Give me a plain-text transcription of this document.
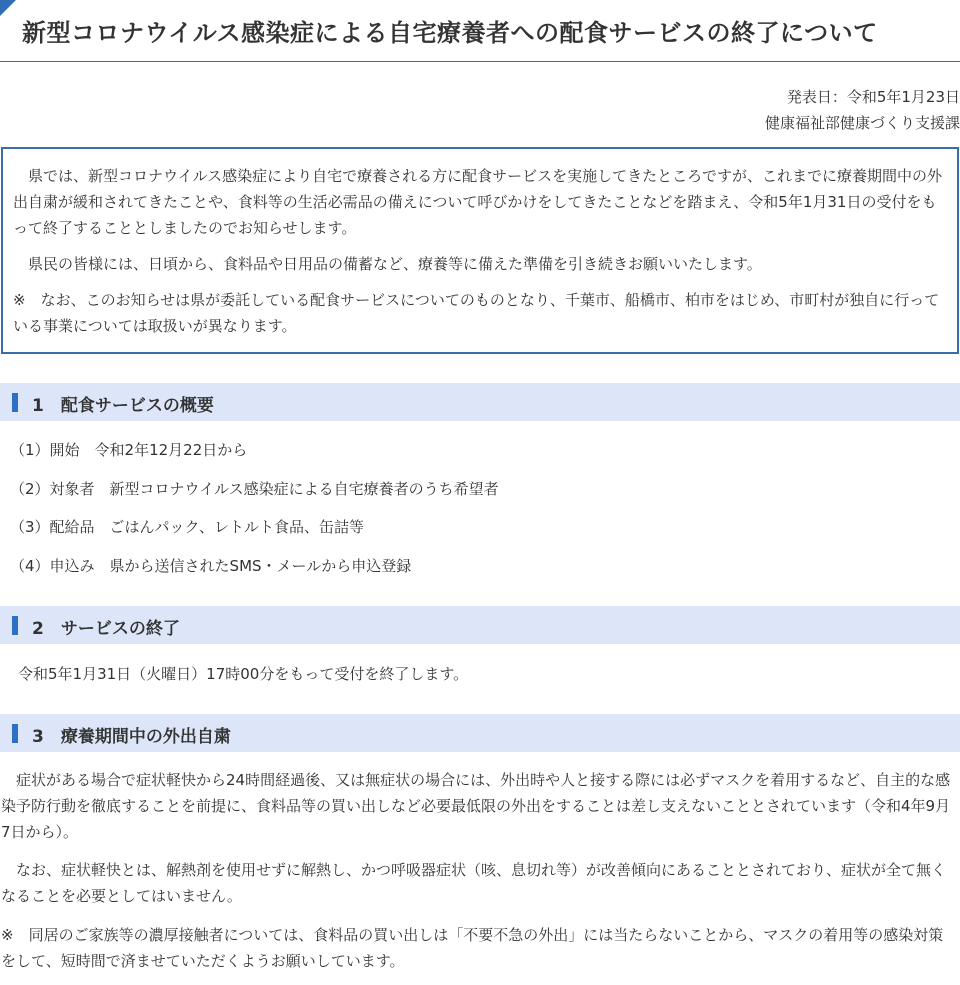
新型コロナウイルス感染症による自宅療養者への配食サービスの終了について
発表日：令和5年1月23日
健康福祉部健康づくり支援課

　県では、新型コロナウイルス感染症により自宅で療養される方に配食サービスを実施してきたところですが、これまでに療養期間中の外出自粛が緩和されてきたことや、食料等の生活必需品の備えについて呼びかけをしてきたことなどを踏まえ、令和5年1月31日の受付をもって終了することとしましたのでお知らせします。

　県民の皆様には、日頃から、食料品や日用品の備蓄など、療養等に備えた準備を引き続きお願いいたします。

※　なお、このお知らせは県が委託している配食サービスについてのものとなり、千葉市、船橋市、柏市をはじめ、市町村が独自に行っている事業については取扱いが異なります。

1　配食サービスの概要
（1）開始　令和2年12月22日から
（2）対象者　新型コロナウイルス感染症による自宅療養者のうち希望者
（3）配給品　ごはんパック、レトルト食品、缶詰等
（4）申込み　県から送信されたSMS・メールから申込登録
2　サービスの終了
令和5年1月31日（火曜日）17時00分をもって受付を終了します。
3　療養期間中の外出自粛

　症状がある場合で症状軽快から24時間経過後、又は無症状の場合には、外出時や人と接する際には必ずマスクを着用するなど、自主的な感染予防行動を徹底することを前提に、食料品等の買い出しなど必要最低限の外出をすることは差し支えないこととされています（令和4年9月7日から）。

　なお、症状軽快とは、解熱剤を使用せずに解熱し、かつ呼吸器症状（咳、息切れ等）が改善傾向にあることとされており、症状が全て無くなることを必要としてはいません。

※　同居のご家族等の濃厚接触者については、食料品の買い出しは「不要不急の外出」には当たらないことから、マスクの着用等の感染対策をして、短時間で済ませていただくようお願いしています。
